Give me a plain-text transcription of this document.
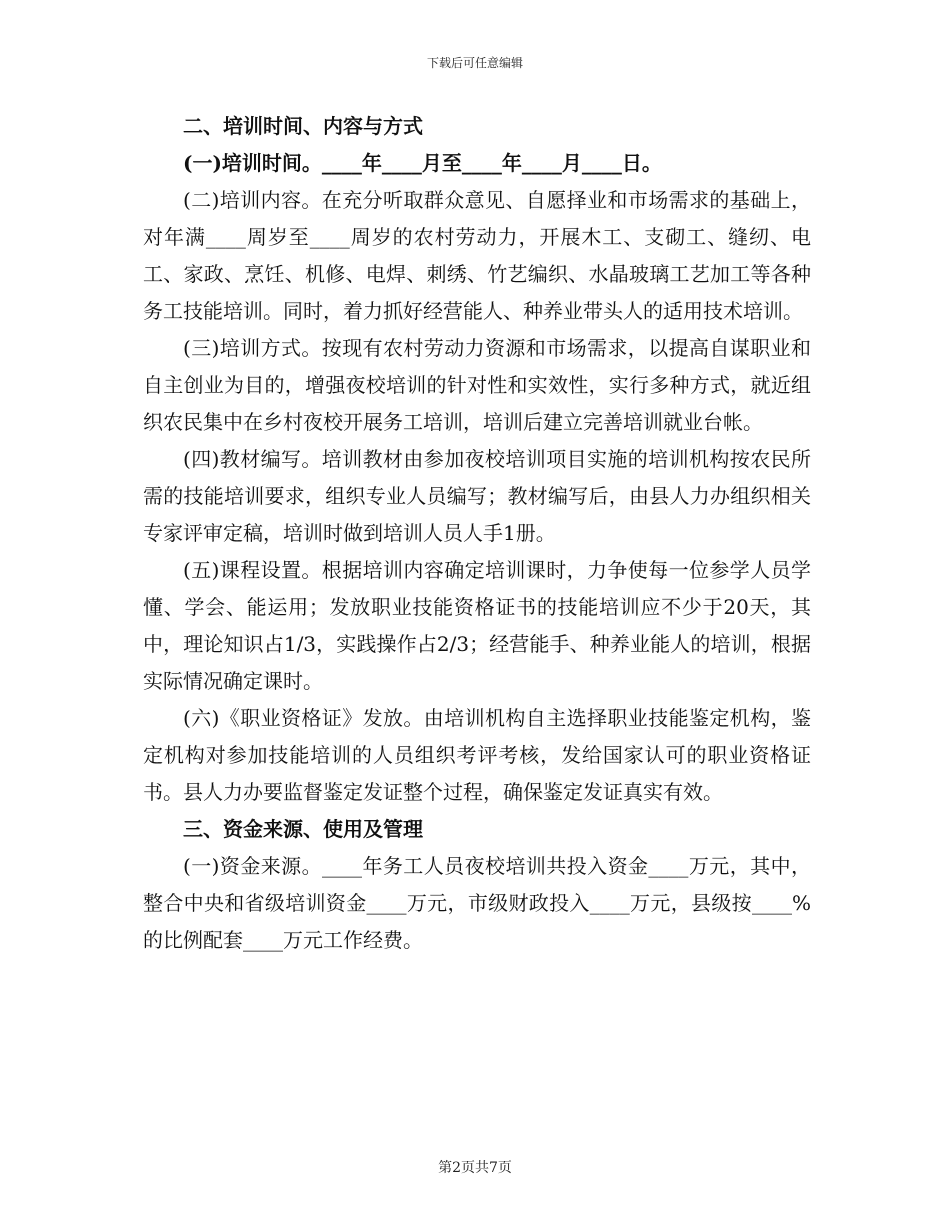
下载后可任意编辑
二、培训时间、内容与方式
(一)培训时间。____年____月至____年____月____日。

(二)培训内容。在充分听取群众意见、自愿择业和市场需求的基础上，对年满____周岁至____周岁的农村劳动力，开展木工、支砌工、缝纫、电工、家政、烹饪、机修、电焊、刺绣、竹艺编织、水晶玻璃工艺加工等各种务工技能培训。同时，着力抓好经营能人、种养业带头人的适用技术培训。

(三)培训方式。按现有农村劳动力资源和市场需求，以提高自谋职业和自主创业为目的，增强夜校培训的针对性和实效性，实行多种方式，就近组织农民集中在乡村夜校开展务工培训，培训后建立完善培训就业台帐。

(四)教材编写。培训教材由参加夜校培训项目实施的培训机构按农民所需的技能培训要求，组织专业人员编写；教材编写后，由县人力办组织相关专家评审定稿，培训时做到培训人员人手1册。

(五)课程设置。根据培训内容确定培训课时，力争使每一位参学人员学懂、学会、能运用；发放职业技能资格证书的技能培训应不少于20天，其中，理论知识占1/3，实践操作占2/3；经营能手、种养业能人的培训，根据实际情况确定课时。

(六)《职业资格证》发放。由培训机构自主选择职业技能鉴定机构，鉴定机构对参加技能培训的人员组织考评考核，发给国家认可的职业资格证书。县人力办要监督鉴定发证整个过程，确保鉴定发证真实有效。

三、资金来源、使用及管理

(一)资金来源。____年务工人员夜校培训共投入资金____万元，其中，整合中央和省级培训资金____万元，市级财政投入____万元，县级按____%的比例配套____万元工作经费。

第2页共7页
